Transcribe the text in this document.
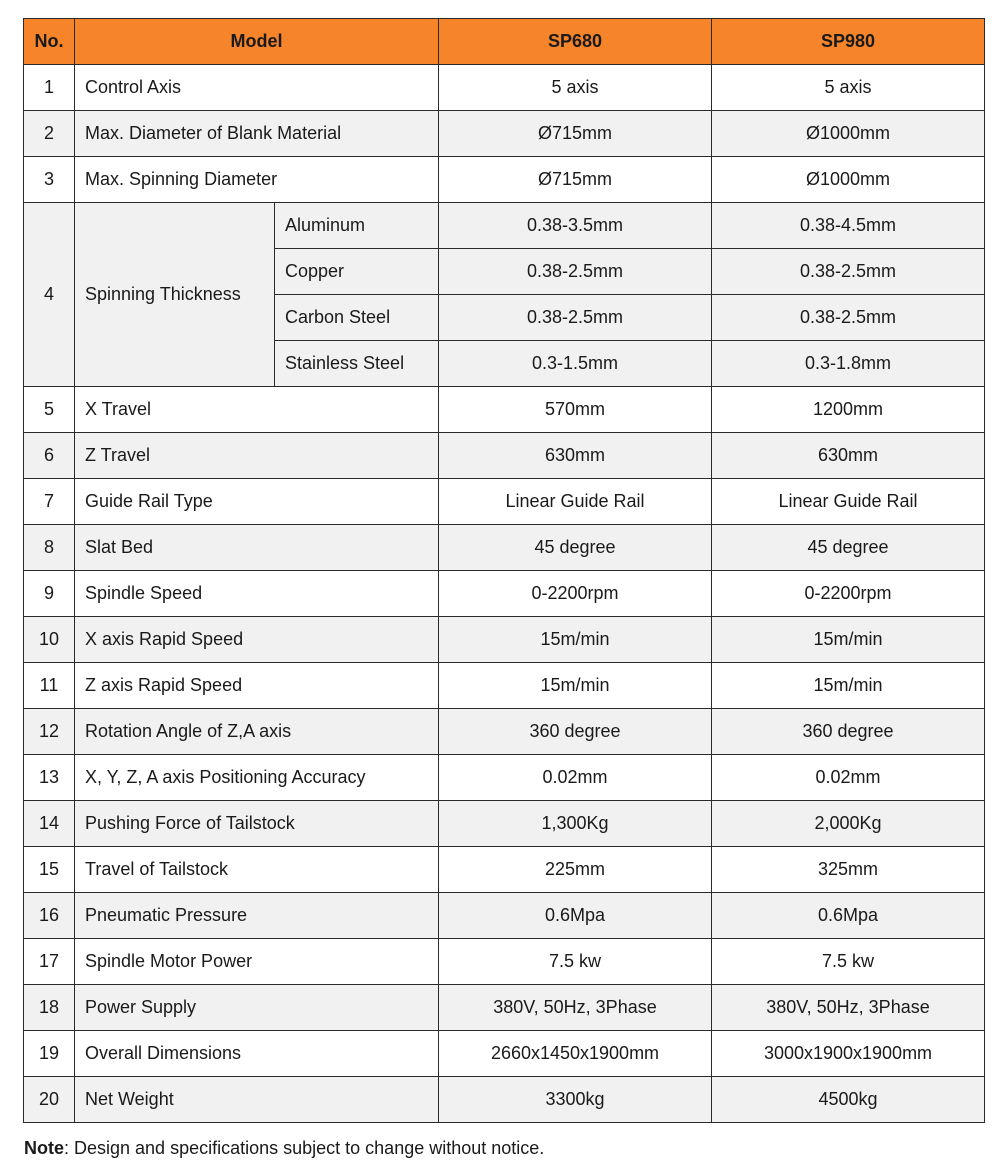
No.	Model		SP680	SP980
1	Control Axis		5 axis	5 axis
2	Max. Diameter of Blank Material		Ø715mm	Ø1000mm
3	Max. Spinning Diameter		Ø715mm	Ø1000mm
4	Spinning Thickness	Aluminum	0.38-3.5mm	0.38-4.5mm
		Copper	0.38-2.5mm	0.38-2.5mm
		Carbon Steel	0.38-2.5mm	0.38-2.5mm
		Stainless Steel	0.3-1.5mm	0.3-1.8mm
5	X Travel		570mm	1200mm
6	Z Travel		630mm	630mm
7	Guide Rail Type		Linear Guide Rail	Linear Guide Rail
8	Slat Bed		45 degree	45 degree
9	Spindle Speed		0-2200rpm	0-2200rpm
10	X axis Rapid Speed		15m/min	15m/min
11	Z axis Rapid Speed		15m/min	15m/min
12	Rotation Angle of Z,A axis		360 degree	360 degree
13	X, Y, Z, A axis Positioning Accuracy		0.02mm	0.02mm
14	Pushing Force of Tailstock		1,300Kg	2,000Kg
15	Travel of Tailstock		225mm	325mm
16	Pneumatic Pressure		0.6Mpa	0.6Mpa
17	Spindle Motor Power		7.5 kw	7.5 kw
18	Power Supply		380V, 50Hz, 3Phase	380V, 50Hz, 3Phase
19	Overall Dimensions		2660x1450x1900mm	3000x1900x1900mm
20	Net Weight		3300kg	4500kg
Note: Design and specifications subject to change without notice.
